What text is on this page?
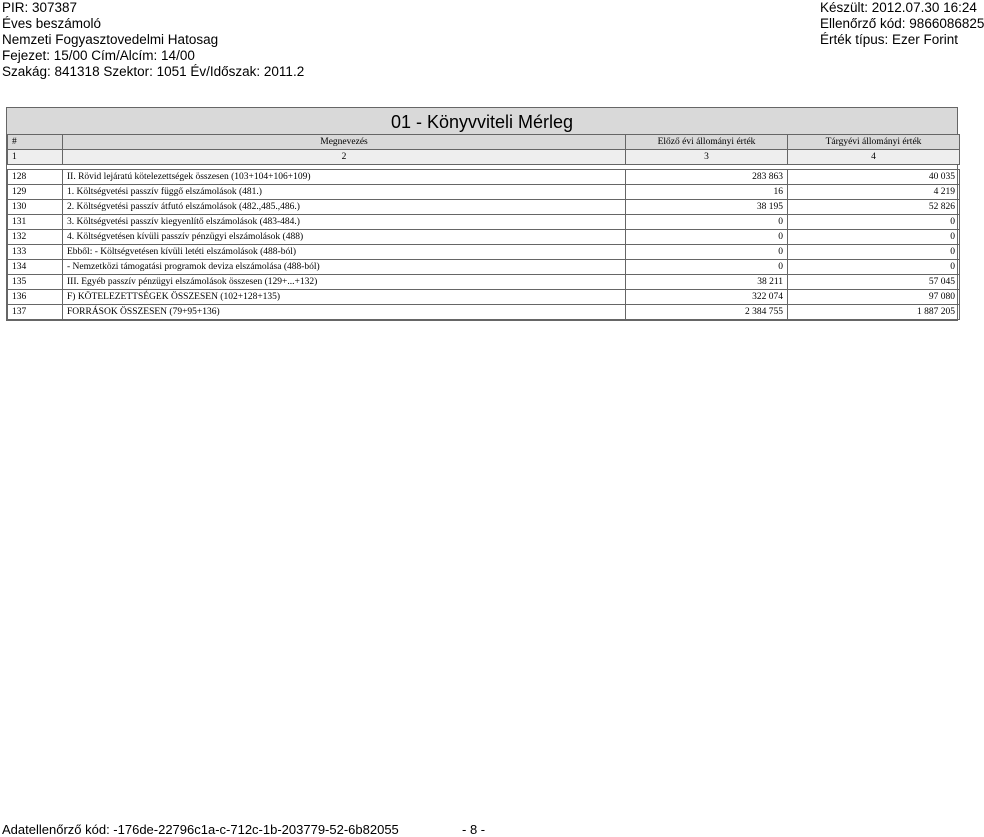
PIR: 307387
Éves beszámoló
Nemzeti Fogyasztovedelmi Hatosag
Fejezet: 15/00 Cím/Alcím: 14/00
Szakág: 841318 Szektor: 1051 Év/Időszak: 2011.2
Készült: 2012.07.30 16:24
Ellenőrző kód: 9866086825
Érték típus: Ezer Forint
01 - Könyvviteli Mérleg
#	Megnevezés	Előző évi állományi érték	Tárgyévi állományi érték
1	2	3	4

128	II. Rövid lejáratú kötelezettségek összesen (103+104+106+109)	283 863	40 035
129	1. Költségvetési passzív függő elszámolások (481.)	16	4 219
130	2. Költségvetési passzív átfutó elszámolások (482.,485.,486.)	38 195	52 826
131	3. Költségvetési passzív kiegyenlítő elszámolások (483-484.)	0	0
132	4. Költségvetésen kívüli passzív pénzügyi elszámolások (488)	0	0
133	Ebből: - Költségvetésen kívüli letéti elszámolások (488-ból)	0	0
134	- Nemzetközi támogatási programok deviza elszámolása (488-ból)	0	0
135	III. Egyéb passzív pénzügyi elszámolások összesen (129+...+132)	38 211	57 045
136	F) KÖTELEZETTSÉGEK ÖSSZESEN (102+128+135)	322 074	97 080
137	FORRÁSOK ÖSSZESEN (79+95+136)	2 384 755	1 887 205
Adatellenőrző kód: -176de-22796c1a-c-712c-1b-203779-52-6b82055	- 8 -
